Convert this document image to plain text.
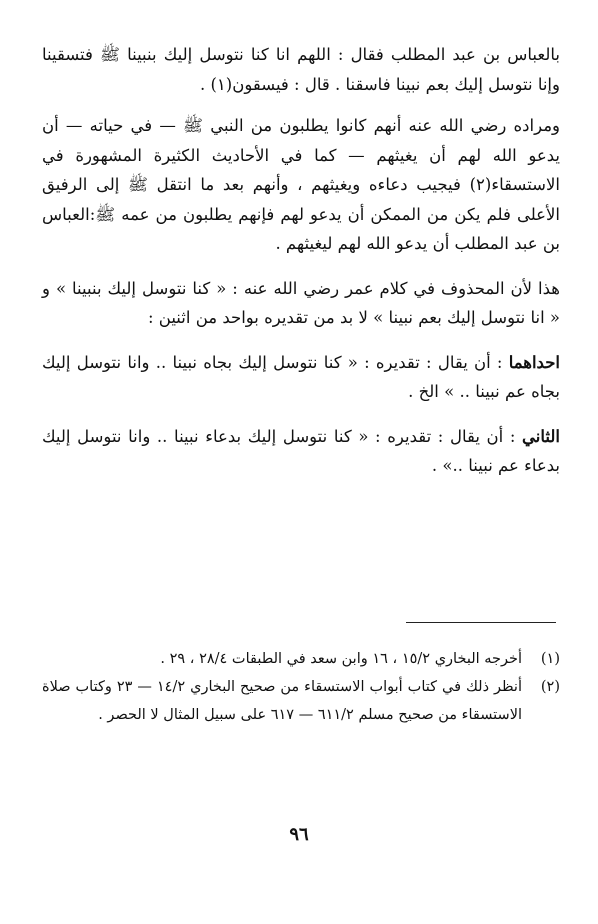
بالعباس بن عبد المطلب فقال : اللهم انا كنا نتوسل إليك بنبينا ﷺ فتسقينا وإنا نتوسل إليك بعم نبينا فاسقنا . قال : فيسقون(١) .

ومراده رضي الله عنه أنهم كانوا يطلبون من النبي ﷺ — في حياته — أن يدعو الله لهم أن يغيثهم — كما في الأحاديث الكثيرة المشهورة في الاستسقاء(٢) فيجيب دعاءه ويغيثهم ، وأنهم بعد ما انتقل ﷺ إلى الرفيق الأعلى فلم يكن من الممكن أن يدعو لهم فإنهم يطلبون من عمه ﷺ:العباس بن عبد المطلب أن يدعو الله لهم ليغيثهم .

هذا لأن المحذوف في كلام عمر رضي الله عنه : « كنا نتوسل إليك بنبينا » و « انا نتوسل إليك بعم نبينا » لا بد من تقديره بواحد من اثنين :

احداهما : أن يقال : تقديره : « كنا نتوسل إليك بجاه نبينا .. وانا نتوسل إليك بجاه عم نبينا .. » الخ .

الثاني : أن يقال : تقديره : « كنا نتوسل إليك بدعاء نبينا .. وانا نتوسل إليك بدعاء عم نبينا ..» .

(١)
أخرجه البخاري ١٥/٢ ، ١٦ وابن سعد في الطبقات ٢٨/٤ ، ٢٩ .
(٢)
أنظر ذلك في كتاب أبواب الاستسقاء من صحيح البخاري ١٤/٢ — ٢٣ وكتاب صلاة الاستسقاء من صحيح مسلم ٦١١/٢ — ٦١٧ على سبيل المثال لا الحصر .
٩٦
